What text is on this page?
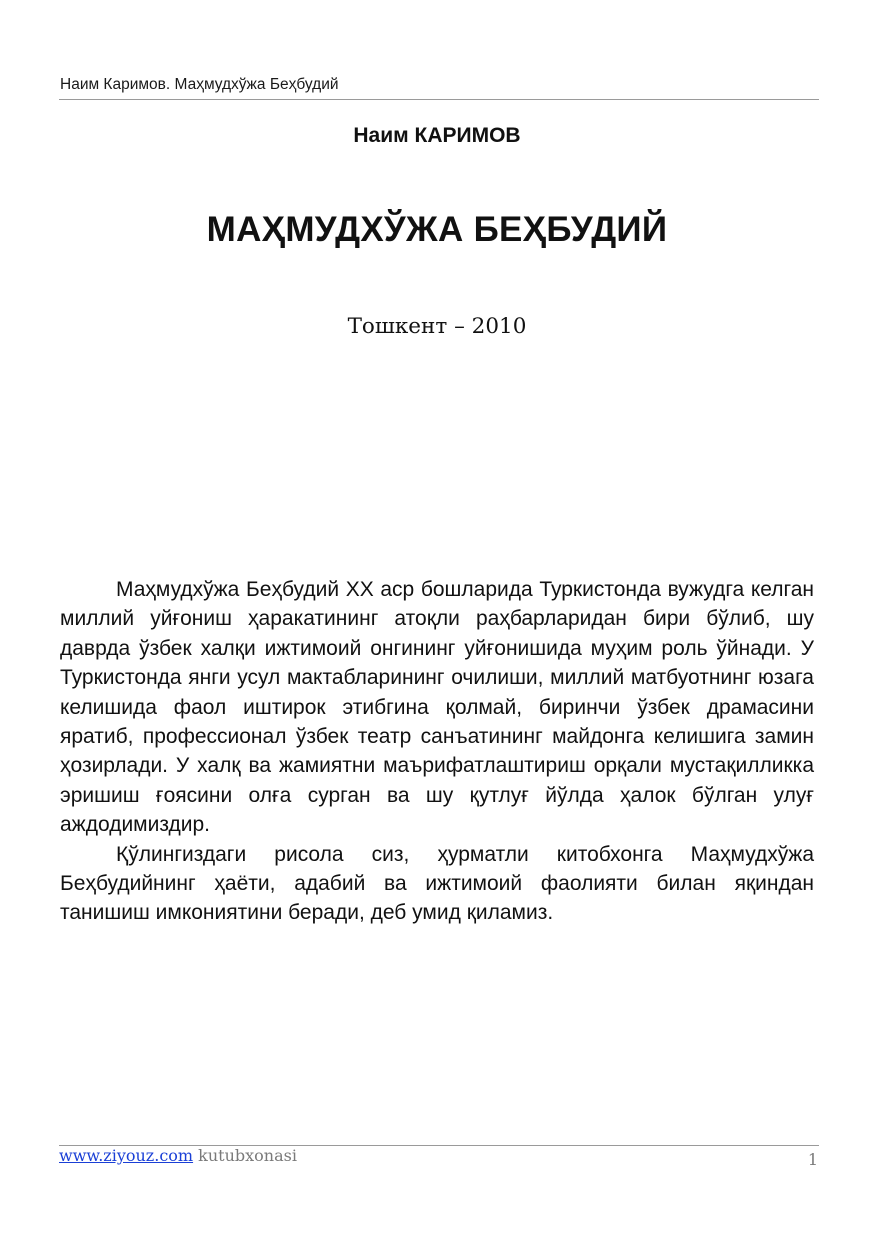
Наим Каримов. Маҳмудхўжа Беҳбудий
Наим КАРИМОВ
МАҲМУДХЎЖА БЕҲБУДИЙ
Тошкент – 2010

Маҳмудхўжа Беҳбудий XX аср бошларида Туркистонда вужудга келган миллий уйғониш ҳаракатининг атоқли раҳбарларидан бири бўлиб, шу даврда ўзбек халқи ижтимоий онгининг уйғонишида муҳим роль ўйнади. У Туркистонда янги усул мактабларининг очилиши, миллий матбуотнинг юзага келишида фаол иштирок этибгина қолмай, биринчи ўзбек драмасини яратиб, профессионал ўзбек театр санъатининг майдонга келишига замин ҳозирлади. У халқ ва жамиятни маърифатлаштириш орқали мустақилликка эришиш ғоясини олға сурган ва шу қутлуғ йўлда ҳалок бўлган улуғ аждодимиздир.

Қўлингиздаги рисола сиз, ҳурматли китобхонга Маҳмудхўжа Беҳбудийнинг ҳаёти, адабий ва ижтимоий фаолияти билан яқиндан танишиш имкониятини беради, деб умид қиламиз.

www.ziyouz.com kutubxonasi	1
